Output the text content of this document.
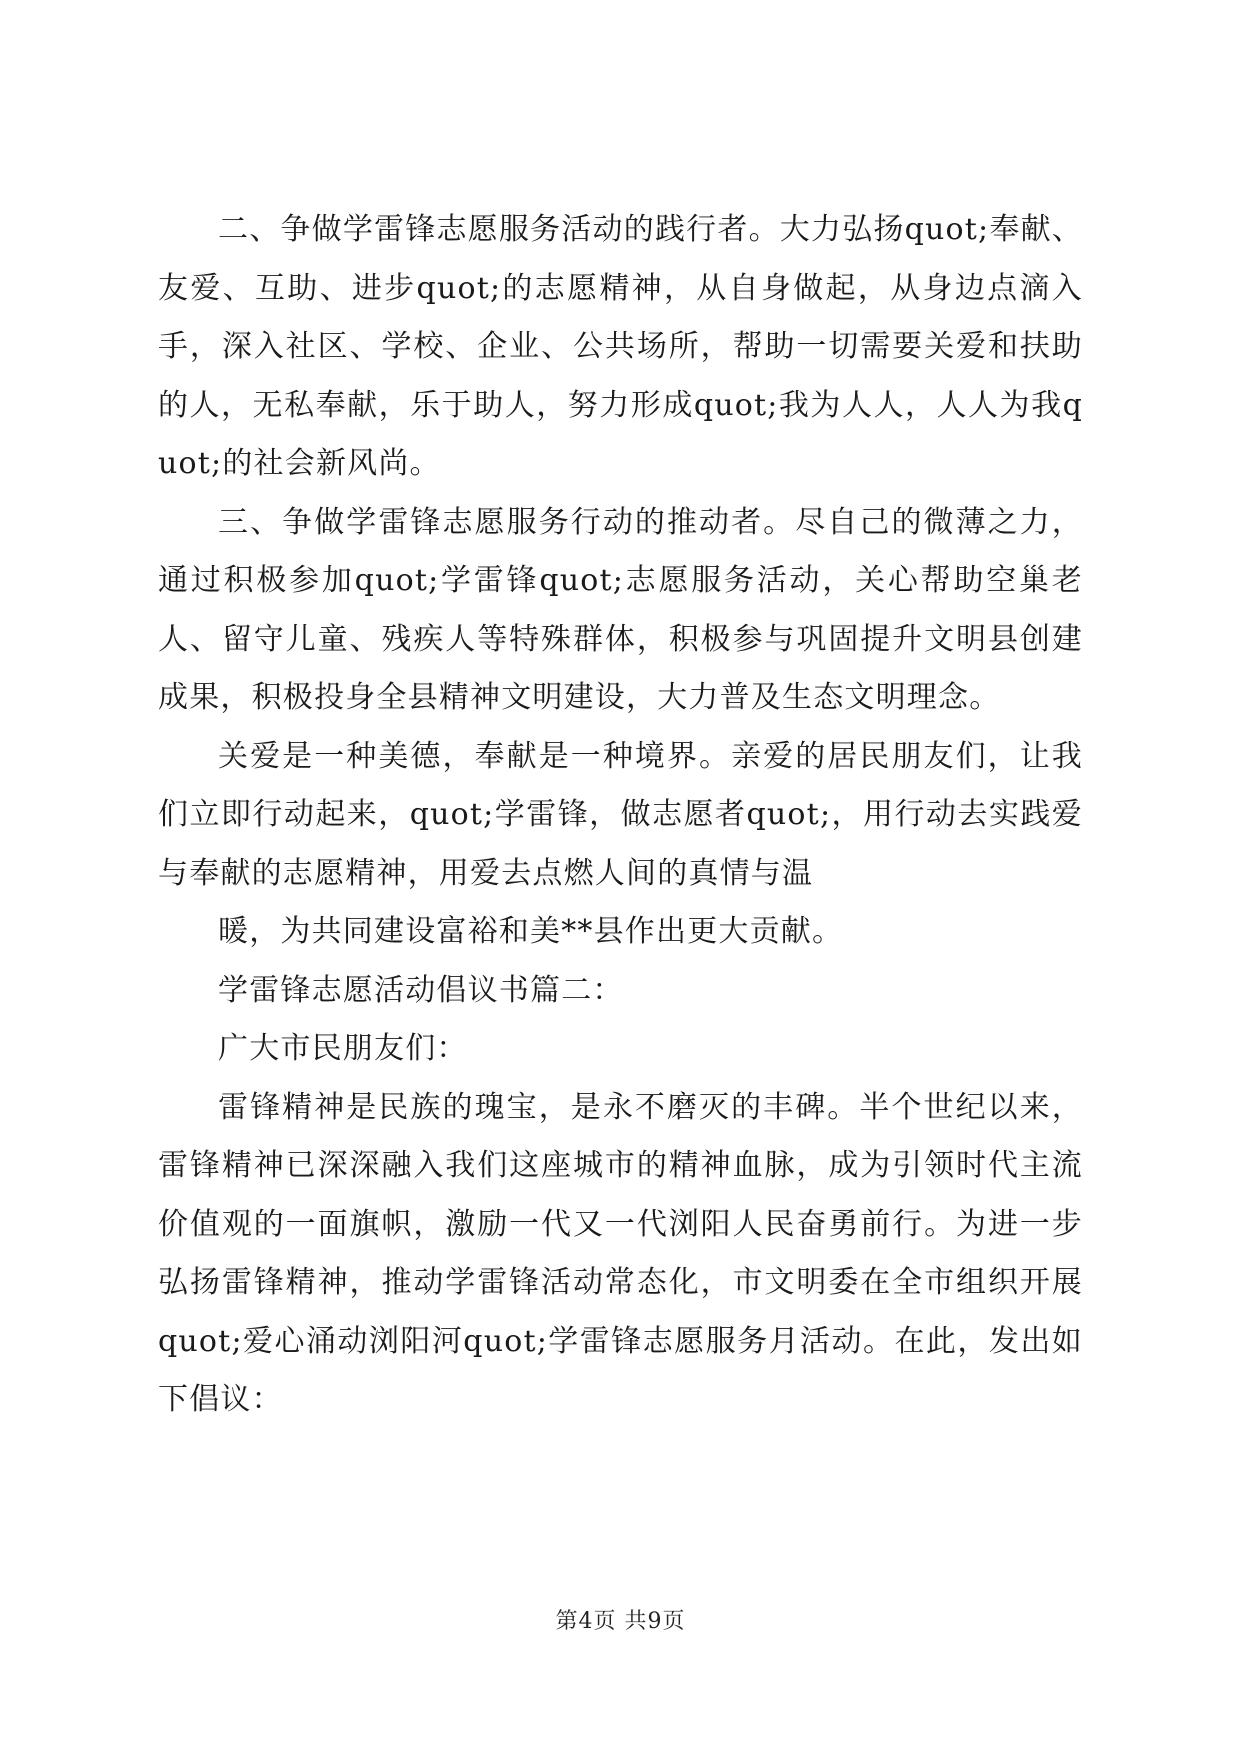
二、争做学雷锋志愿服务活动的践行者。大力弘扬quot;奉献、友爱、互助、进步quot;的志愿精神，从自身做起，从身边点滴入手，深入社区、学校、企业、公共场所，帮助一切需要关爱和扶助的人，无私奉献，乐于助人，努力形成quot;我为人人，人人为我quot;的社会新风尚。

三、争做学雷锋志愿服务行动的推动者。尽自己的微薄之力，通过积极参加quot;学雷锋quot;志愿服务活动，关心帮助空巢老人、留守儿童、残疾人等特殊群体，积极参与巩固提升文明县创建成果，积极投身全县精神文明建设，大力普及生态文明理念。

关爱是一种美德，奉献是一种境界。亲爱的居民朋友们，让我们立即行动起来，quot;学雷锋，做志愿者quot;，用行动去实践爱与奉献的志愿精神，用爱去点燃人间的真情与温

暖，为共同建设富裕和美**县作出更大贡献。

学雷锋志愿活动倡议书篇二：

广大市民朋友们：

雷锋精神是民族的瑰宝，是永不磨灭的丰碑。半个世纪以来，雷锋精神已深深融入我们这座城市的精神血脉，成为引领时代主流价值观的一面旗帜，激励一代又一代浏阳人民奋勇前行。为进一步弘扬雷锋精神，推动学雷锋活动常态化，市文明委在全市组织开展quot;爱心涌动浏阳河quot;学雷锋志愿服务月活动。在此，发出如下倡议：

第4页 共9页
